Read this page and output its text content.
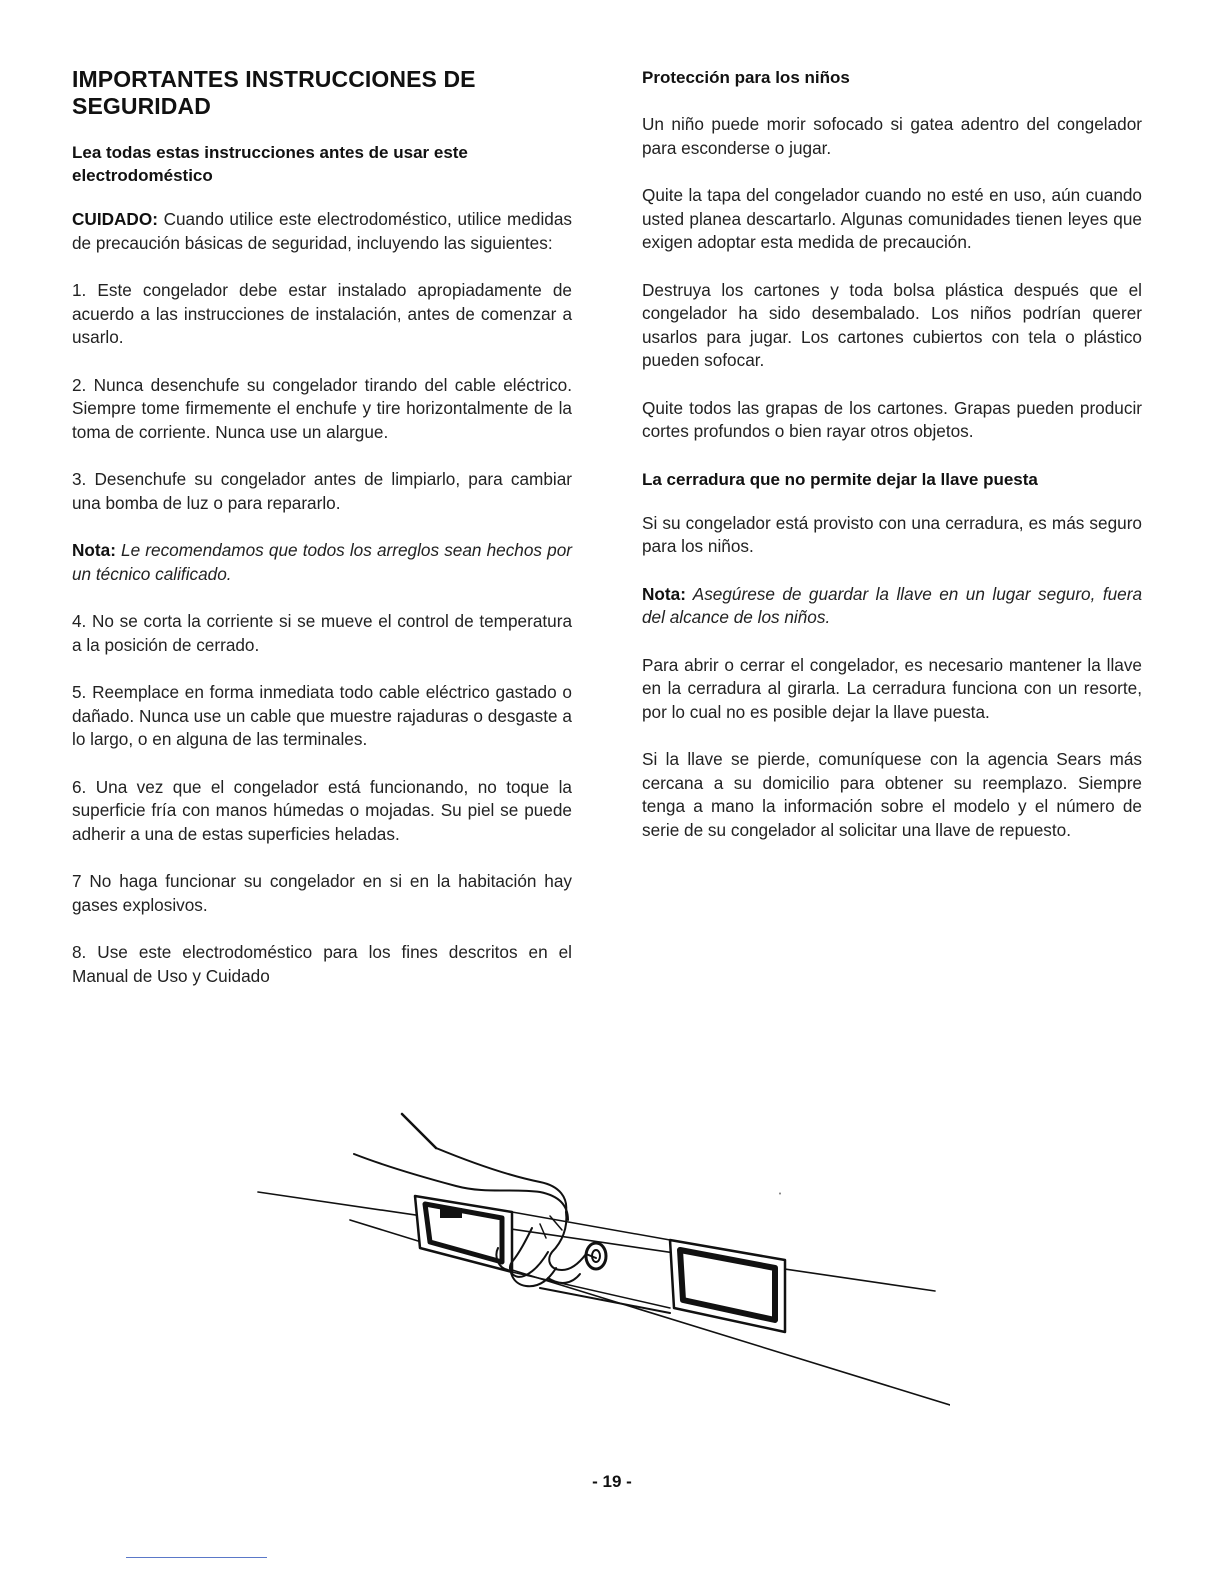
IMPORTANTES INSTRUCCIONES DE SEGURIDAD
Lea todas estas instrucciones antes de usar este electrodoméstico

CUIDADO: Cuando utilice este electrodoméstico, utilice medidas de precaución básicas de seguridad, incluyendo las siguientes:

1. Este congelador debe estar instalado apropiadamente de acuerdo a las instrucciones de instalación, antes de comenzar a usarlo.

2. Nunca desenchufe su congelador tirando del cable eléctrico. Siempre tome firmemente el enchufe y tire horizontalmente de la toma de corriente. Nunca use un alargue.

3. Desenchufe su congelador antes de limpiarlo, para cambiar una bomba de luz o para repararlo.

Nota: Le recomendamos que todos los arreglos sean hechos por un técnico calificado.

4. No se corta la corriente si se mueve el control de temperatura a la posición de cerrado.

5. Reemplace en forma inmediata todo cable eléctrico gastado o dañado. Nunca use un cable que muestre rajaduras o desgaste a lo largo, o en alguna de las terminales.

6. Una vez que el congelador está funcionando, no toque la superficie fría con manos húmedas o mojadas. Su piel se puede adherir a una de estas superficies heladas.

7 No haga funcionar su congelador en si en la habitación hay gases explosivos.

8. Use este electrodoméstico para los fines descritos en el Manual de Uso y Cuidado

Protección para los niños

Un niño puede morir sofocado si gatea adentro del congelador para esconderse o jugar.

Quite la tapa del congelador cuando no esté en uso, aún cuando usted planea descartarlo. Algunas comunidades tienen leyes que exigen adoptar esta medida de precaución.

Destruya los cartones y toda bolsa plástica después que el congelador ha sido desembalado. Los niños podrían querer usarlos para jugar. Los cartones cubiertos con tela o plástico pueden sofocar.

Quite todos las grapas de los cartones. Grapas pueden producir cortes profundos o bien rayar otros objetos.

La cerradura que no permite dejar la llave puesta

Si su congelador está provisto con una cerradura, es más seguro para los niños.

Nota: Asegúrese de guardar la llave en un lugar seguro, fuera del alcance de los niños.

Para abrir o cerrar el congelador, es necesario mantener la llave en la cerradura al girarla. La cerradura funciona con un resorte, por lo cual no es posible dejar la llave puesta.

Si la llave se pierde, comuníquese con la agencia Sears más cercana a su domicilio para obtener su reemplazo. Siempre tenga a mano la información sobre el modelo y el número de serie de su congelador al solicitar una llave de repuesto.

- 19 -
